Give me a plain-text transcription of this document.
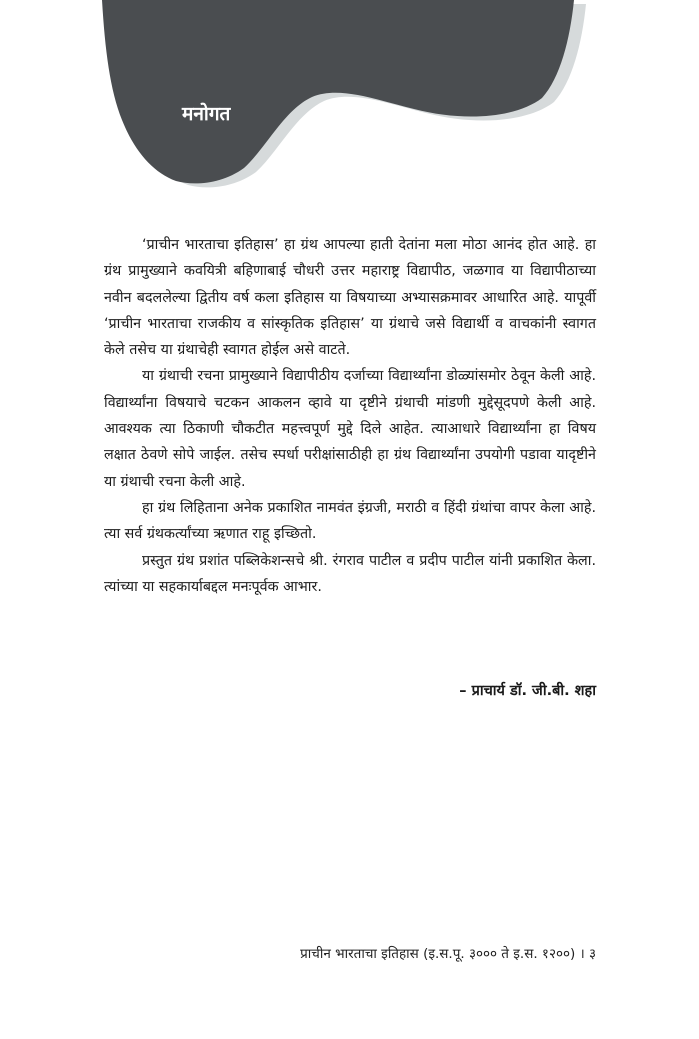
मनोगत

‘प्राचीन भारताचा इतिहास’ हा ग्रंथ आपल्या हाती देतांना मला मोठा आनंद होत आहे. हा ग्रंथ प्रामुख्याने कवयित्री बहिणाबाई चौधरी उत्तर महाराष्ट्र विद्यापीठ, जळगाव या विद्यापीठाच्या नवीन बदललेल्या द्वितीय वर्ष कला इतिहास या विषयाच्या अभ्यासक्रमावर आधारित आहे. यापूर्वी ‘प्राचीन भारताचा राजकीय व सांस्कृतिक इतिहास’ या ग्रंथाचे जसे विद्यार्थी व वाचकांनी स्वागत केले तसेच या ग्रंथाचेही स्वागत होईल असे वाटते.

या ग्रंथाची रचना प्रामुख्याने विद्यापीठीय दर्जाच्या विद्यार्थ्यांना डोळ्यांसमोर ठेवून केली आहे. विद्यार्थ्यांना विषयाचे चटकन आकलन व्हावे या दृष्टीने ग्रंथाची मांडणी मुद्देसूदपणे केली आहे. आवश्यक त्या ठिकाणी चौकटीत महत्त्वपूर्ण मुद्दे दिले आहेत. त्याआधारे विद्यार्थ्यांना हा विषय लक्षात ठेवणे सोपे जाईल. तसेच स्पर्धा परीक्षांसाठीही हा ग्रंथ विद्यार्थ्यांना उपयोगी पडावा यादृष्टीने या ग्रंथाची रचना केली आहे.

हा ग्रंथ लिहिताना अनेक प्रकाशित नामवंत इंग्रजी, मराठी व हिंदी ग्रंथांचा वापर केला आहे. त्या सर्व ग्रंथकर्त्यांच्या ऋणात राहू इच्छितो.

प्रस्तुत ग्रंथ प्रशांत पब्लिकेशन्सचे श्री. रंगराव पाटील व प्रदीप पाटील यांनी प्रकाशित केला. त्यांच्या या सहकार्याबद्दल मनःपूर्वक आभार.

– प्राचार्य डॉ. जी.बी. शहा

प्राचीन भारताचा इतिहास (इ.स.पू. ३००० ते इ.स. १२००) । ३
